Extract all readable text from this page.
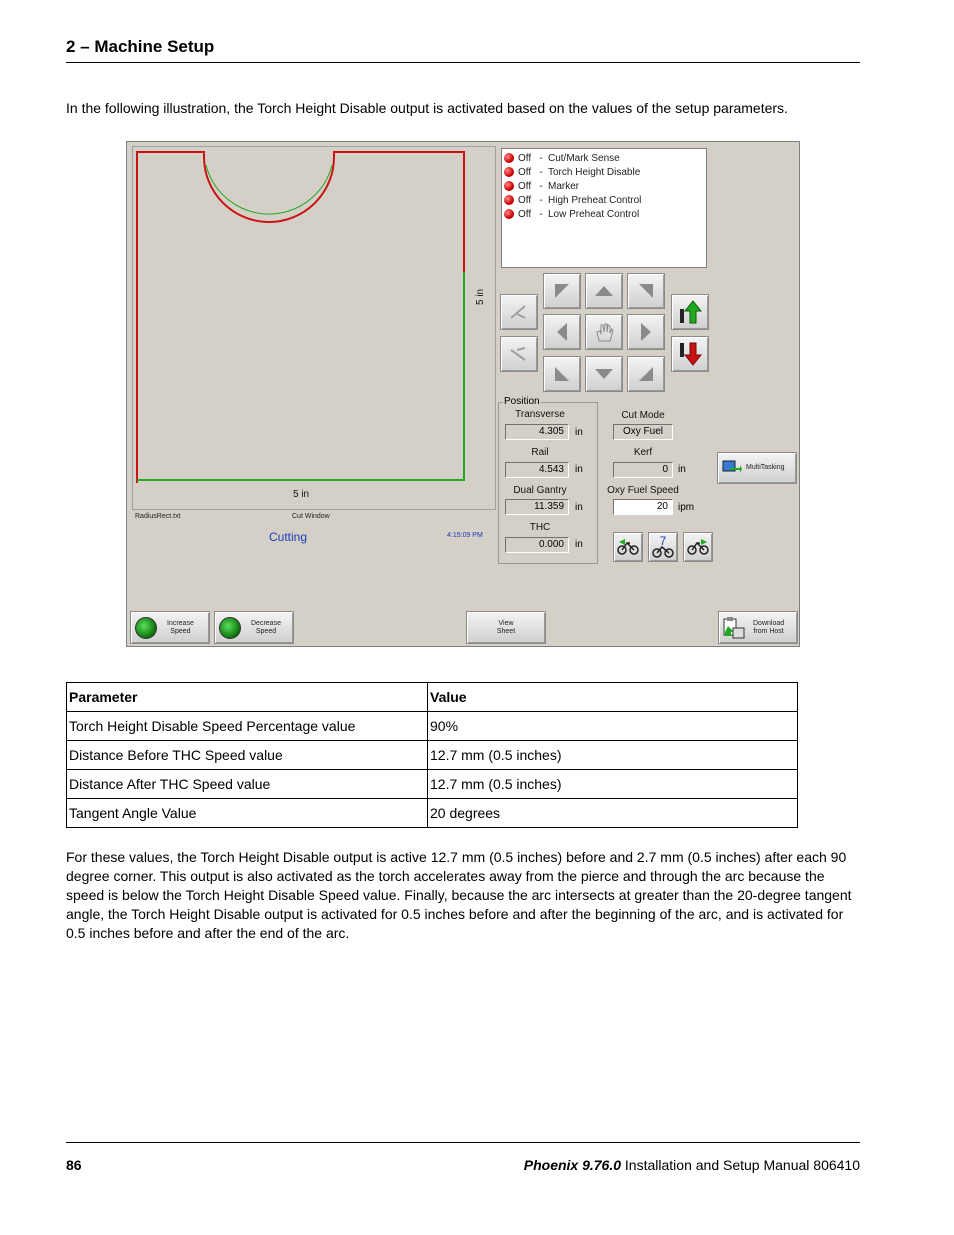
2 – Machine Setup
In the following illustration, the Torch Height Disable output is activated based on the values of the setup parameters.
5 in
5 in
RadiusRect.txt	Cut Window
Cutting	4:15:09 PM
Off - Cut/Mark Sense
Off - Torch Height Disable
Off - Marker
Off - High Preheat Control
Off - Low Preheat Control
Position
Transverse
4.305	in
Rail
4.543	in
Dual Gantry
11.359	in
THC
0.000	in
Cut Mode
Oxy Fuel
Kerf
0	in
Oxy Fuel Speed
20	ipm
MultiTasking
7
Increase
Speed
Decrease
Speed
View
Sheet
Download
from Host
Parameter	Value
Torch Height Disable Speed Percentage value	90%
Distance Before THC Speed value	12.7 mm (0.5 inches)
Distance After THC Speed value	12.7 mm (0.5 inches)
Tangent Angle Value	20 degrees
For these values, the Torch Height Disable output is active 12.7 mm (0.5 inches) before and 2.7 mm (0.5 inches) after each 90 degree corner. This output is also activated as the torch accelerates away from the pierce and through the arc because the speed is below the Torch Height Disable Speed value. Finally, because the arc intersects at greater than the 20-degree tangent angle, the Torch Height Disable output is activated for 0.5 inches before and after the beginning of the arc, and is activated for 0.5 inches before and after the end of the arc.
86	Phoenix 9.76.0 Installation and Setup Manual 806410
